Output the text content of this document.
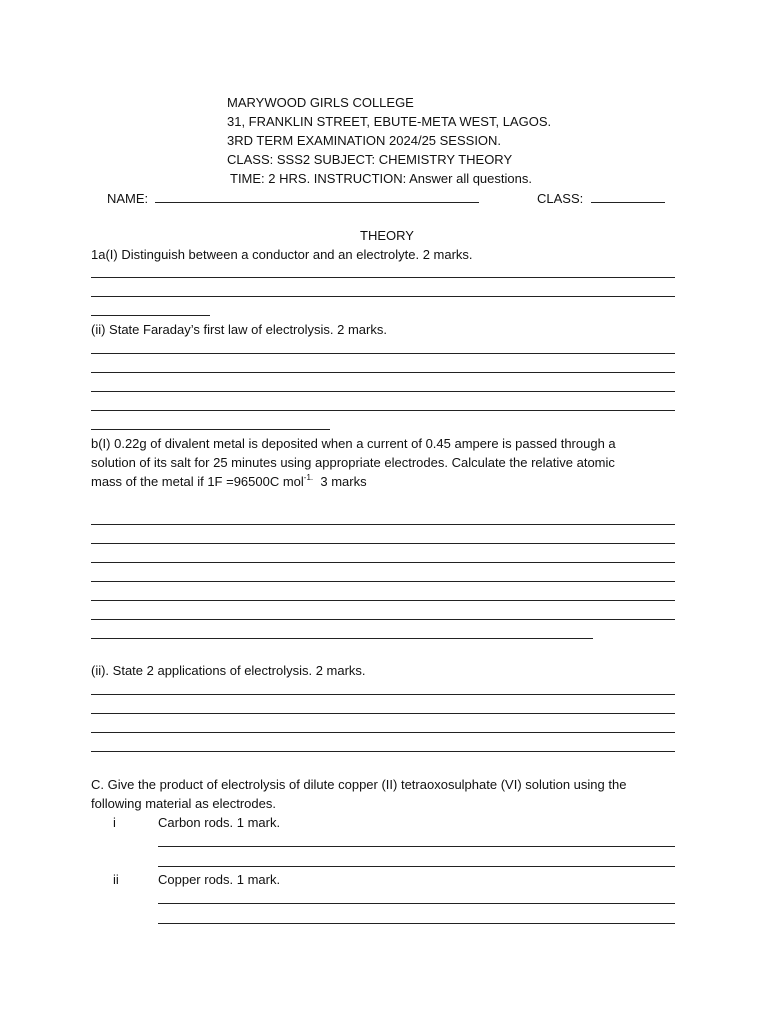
MARYWOOD GIRLS COLLEGE
31, FRANKLIN STREET, EBUTE-META WEST, LAGOS.
3RD TERM EXAMINATION 2024/25 SESSION.
CLASS: SSS2 SUBJECT: CHEMISTRY THEORY
TIME: 2 HRS. INSTRUCTION: Answer all questions.
NAME:	CLASS:
THEORY
1a(I) Distinguish between a conductor and an electrolyte. 2 marks.
(ii) State Faraday’s first law of electrolysis. 2 marks.
b(I) 0.22g of divalent metal is deposited when a current of 0.45 ampere is passed through a
solution of its salt for 25 minutes using appropriate electrodes. Calculate the relative atomic
mass of the metal if 1F =96500C mol$^{-1.}$  3 marks
(ii). State 2 applications of electrolysis. 2 marks.
C. Give the product of electrolysis of dilute copper (II) tetraoxosulphate (VI) solution using the
following material as electrodes.
i	Carbon rods. 1 mark.
ii	Copper rods. 1 mark.
